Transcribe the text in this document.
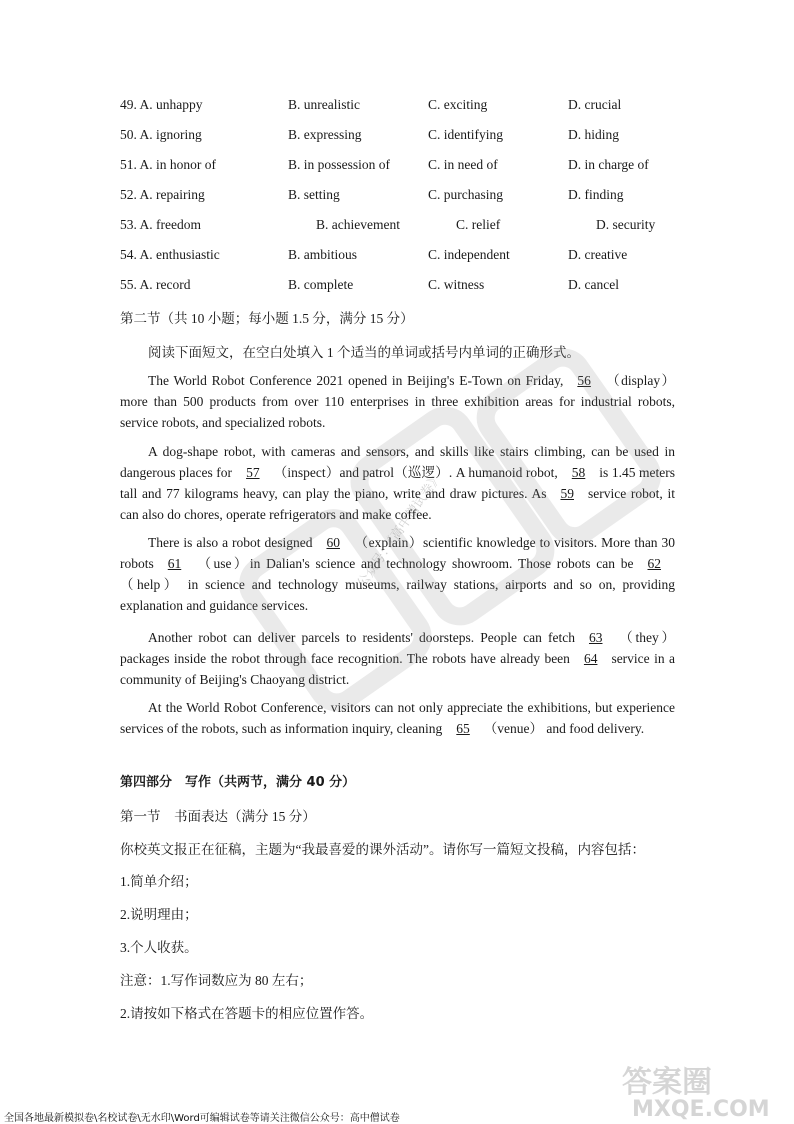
49. A. unhappy	B. unrealistic	C. exciting	D. crucial
50. A. ignoring	B. expressing	C. identifying	D. hiding
51. A. in honor of	B. in possession of	C. in need of	D. in charge of
52. A. repairing	B. setting	C. purchasing	D. finding
53. A. freedom	B. achievement	C. relief	D. security
54. A. enthusiastic	B. ambitious	C. independent	D. creative
55. A. record	B. complete	C. witness	D. cancel
第二节（共 10 小题；每小题 1.5 分，满分 15 分）
阅读下面短文，在空白处填入 1 个适当的单词或括号内单词的正确形式。
The World Robot Conference 2021 opened in Beijing's E-Town on Friday, 56 （display） more than 500 products from over 110 enterprises in three exhibition areas for industrial robots, service robots, and specialized robots.
A dog-shape robot, with cameras and sensors, and skills like stairs climbing, can be used in dangerous places for 57 （inspect）and patrol（巡逻）. A humanoid robot, 58 is 1.45 meters tall and 77 kilograms heavy, can play the piano, write and draw pictures. As 59 service robot, it can also do chores, operate refrigerators and make coffee.
There is also a robot designed 60 （explain）scientific knowledge to visitors. More than 30 robots 61 （use）in Dalian's science and technology showroom. Those robots can be 62（help） in science and technology museums, railway stations, airports and so on, providing explanation and guidance services.
Another robot can deliver parcels to residents' doorsteps. People can fetch 63 （they） packages inside the robot through face recognition. The robots have already been 64 service in a community of Beijing's Chaoyang district.
At the World Robot Conference, visitors can not only appreciate the exhibitions, but experience services of the robots, such as information inquiry, cleaning 65 （venue） and food delivery.
第四部分　写作（共两节，满分 40 分）
第一节　书面表达（满分 15 分）
你校英文报正在征稿，主题为“我最喜爱的课外活动”。请你写一篇短文投稿，内容包括：
1.简单介绍；
2.说明理由；
3.个人收获。
注意：1.写作词数应为 80 左右；
2.请按如下格式在答题卡的相应位置作答。
公众号：《高中僧试卷》
答案圈
MXQE.COM
全国各地最新模拟卷\名校试卷\无水印\Word可编辑试卷等请关注微信公众号：高中僧试卷
